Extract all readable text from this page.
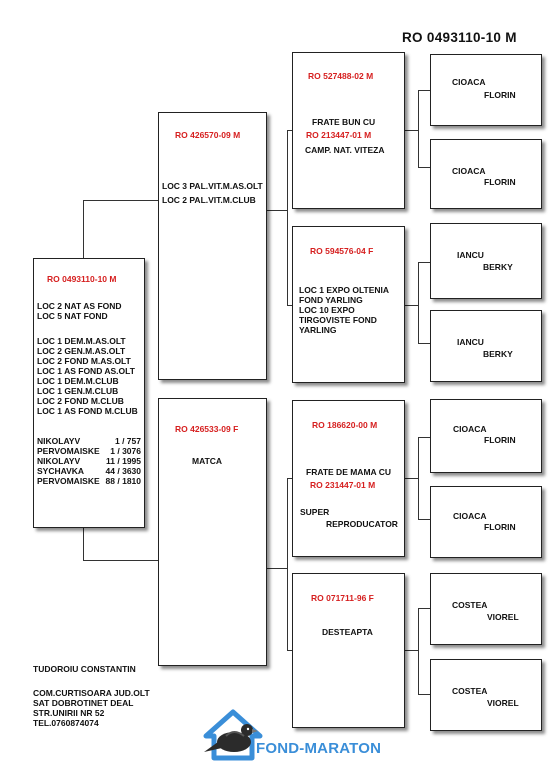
RO 0493110-10 M
RO 0493110-10 M
LOC 2 NAT AS FOND
LOC 5 NAT FOND
LOC 1 DEM.M.AS.OLT
LOC 2 GEN.M.AS.OLT
LOC 2 FOND M.AS.OLT
LOC 1 AS FOND AS.OLT
LOC 1 DEM.M.CLUB
LOC 1 GEN.M.CLUB
LOC 2 FOND M.CLUB
LOC 1 AS FOND M.CLUB
NIKOLAYV	1 / 757
PERVOMAISKE 1 / 3076
NIKOLAYV	11 / 1995
SYCHAVKA	44 / 3630
PERVOMAISKE 88 / 1810
RO 426570-09 M
LOC 3 PAL.VIT.M.AS.OLT
LOC 2 PAL.VIT.M.CLUB
RO 426533-09 F
MATCA
RO 527488-02 M
FRATE BUN CU
RO 213447-01 M
CAMP. NAT. VITEZA
RO 594576-04 F
LOC 1 EXPO OLTENIA
FOND YARLING
LOC 10 EXPO
TIRGOVISTE FOND
YARLING
RO 186620-00 M
FRATE DE MAMA CU
RO 231447-01 M
SUPER
REPRODUCATOR
RO 071711-96 F
DESTEAPTA
CIOACA
FLORIN
CIOACA
FLORIN
IANCU
BERKY
IANCU
BERKY
CIOACA
FLORIN
CIOACA
FLORIN
COSTEA
VIOREL
COSTEA
VIOREL
TUDOROIU CONSTANTIN
COM.CURTISOARA JUD.OLT
SAT DOBROTINET DEAL
STR.UNIRII NR 52
TEL.0760874074
FOND-MARATON
